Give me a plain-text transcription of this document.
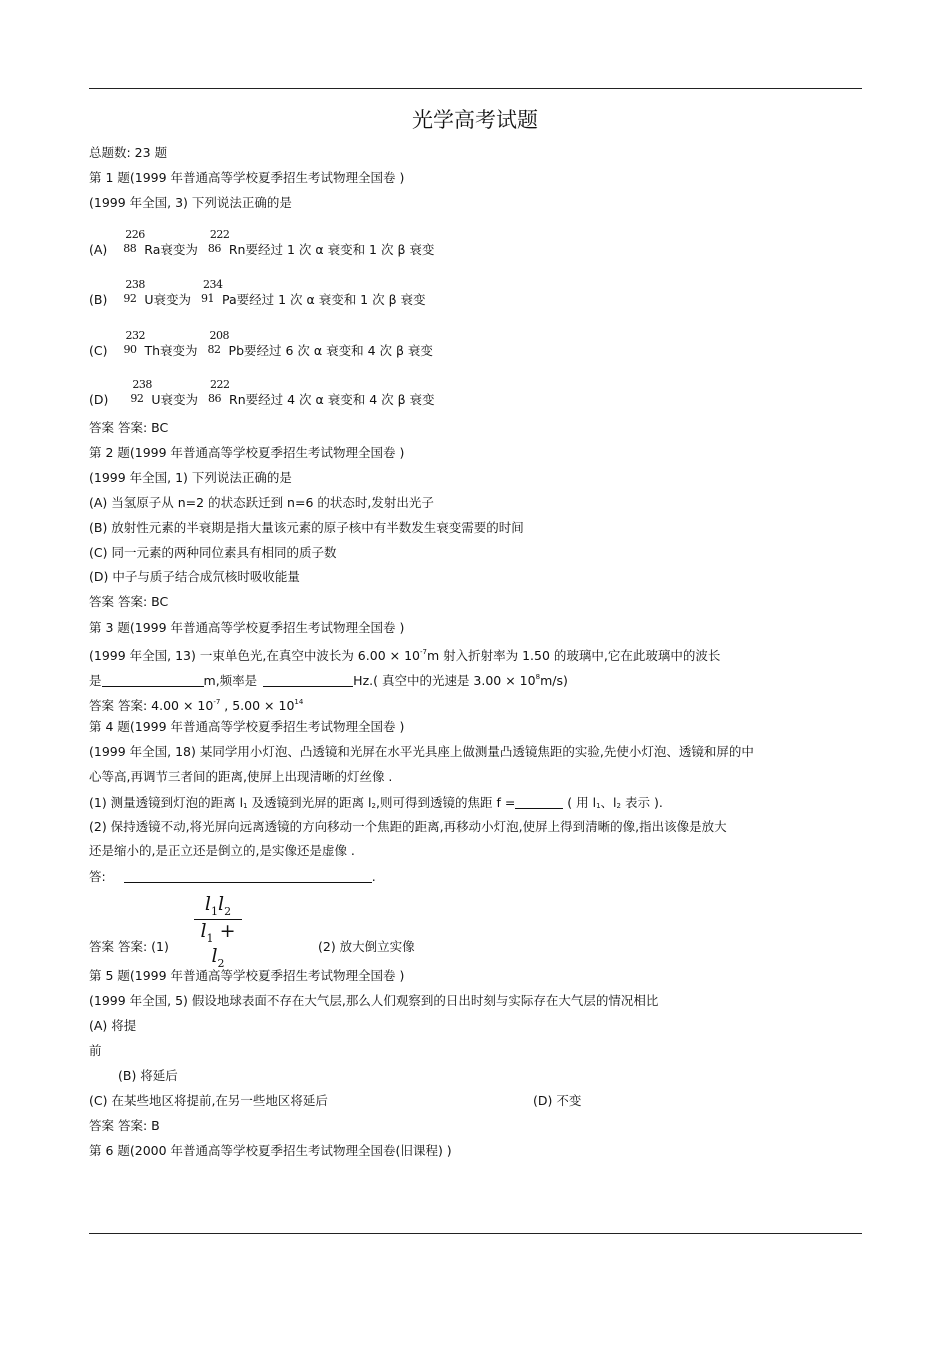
光学高考试题
总题数: 23 题
第 1 题(1999 年普通高等学校夏季招生考试物理全国卷 )
(1999 年全国, 3) 下列说法正确的是
(A)
226
88 Ra衰变为
222
86 Rn要经过 1 次 α 衰变和 1 次 β 衰变
(B)
238
92 U衰变为
234
91 Pa要经过 1 次 α 衰变和 1 次 β 衰变
(C)
232
90 Th衰变为
208
82 Pb要经过 6 次 α 衰变和 4 次 β 衰变
(D)
238
92 U衰变为
222
86 Rn要经过 4 次 α 衰变和 4 次 β 衰变
答案 答案: BC
第 2 题(1999 年普通高等学校夏季招生考试物理全国卷 )
(1999 年全国, 1) 下列说法正确的是
(A) 当氢原子从 n=2 的状态跃迁到 n=6 的状态时,发射出光子
(B) 放射性元素的半衰期是指大量该元素的原子核中有半数发生衰变需要的时间
(C) 同一元素的两种同位素具有相同的质子数
(D) 中子与质子结合成氘核时吸收能量
答案 答案: BC
第 3 题(1999 年普通高等学校夏季招生考试物理全国卷 )
(1999 年全国, 13) 一束单色光,在真空中波长为 $6.00 \times 10^{-7}m$ 射入折射率为 1.50 的玻璃中,它在此玻璃中的波长
是	m,频率是	Hz.( 真空中的光速是 $3.00 \times 10^8m/s$)
答案 答案: $4.00 \times 10^{-7}$ , $5.00 \times 10^{14}$
第 4 题(1999 年普通高等学校夏季招生考试物理全国卷 )
(1999 年全国, 18) 某同学用小灯泡、凸透镜和光屏在水平光具座上做测量凸透镜焦距的实验,先使小灯泡、透镜和屏的中
心等高,再调节三者间的距离,使屏上出现清晰的灯丝像 .
(1) 测量透镜到灯泡的距离 $l_1$ 及透镜到光屏的距离 $l_2$,则可得到透镜的焦距 f =	( 用 $l_1$、$l_2$ 表示 ).
(2) 保持透镜不动,将光屏向远离透镜的方向移动一个焦距的距离,再移动小灯泡,使屏上得到清晰的像,指出该像是放大
还是缩小的,是正立还是倒立的,是实像还是虚像 .
答:	.
$\frac{l_1l_2}{l_1 + l_2}$
答案 答案: (1)	(2) 放大倒立实像
第 5 题(1999 年普通高等学校夏季招生考试物理全国卷 )
(1999 年全国, 5) 假设地球表面不存在大气层,那么人们观察到的日出时刻与实际存在大气层的情况相比
(A) 将提
前
(B) 将延后
(C) 在某些地区将提前,在另一些地区将延后	(D) 不变
答案 答案: B
第 6 题(2000 年普通高等学校夏季招生考试物理全国卷(旧课程) )
